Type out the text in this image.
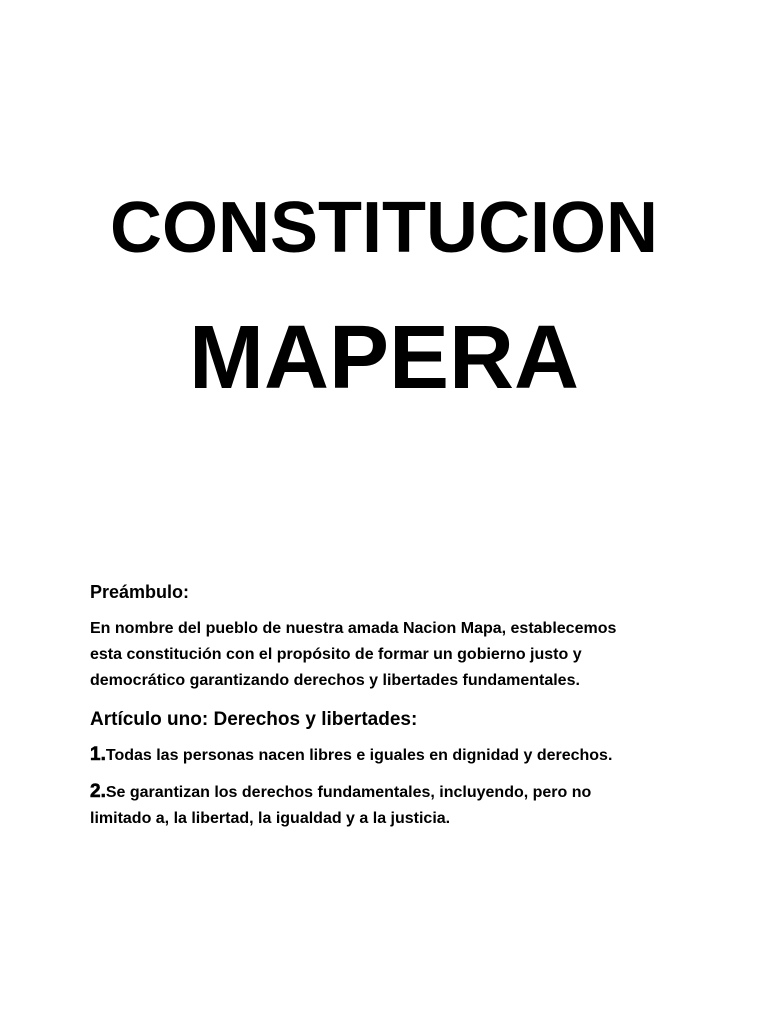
CONSTITUCION
MAPERA
Preámbulo:

En nombre del pueblo de nuestra amada Nacion Mapa, establecemos
esta constitución con el propósito de formar un gobierno justo y
democrático garantizando derechos y libertades fundamentales.

Artículo uno: Derechos y libertades:

1.Todas las personas nacen libres e iguales en dignidad y derechos.

2.Se garantizan los derechos fundamentales, incluyendo, pero no
limitado a, la libertad, la igualdad y a la justicia.
